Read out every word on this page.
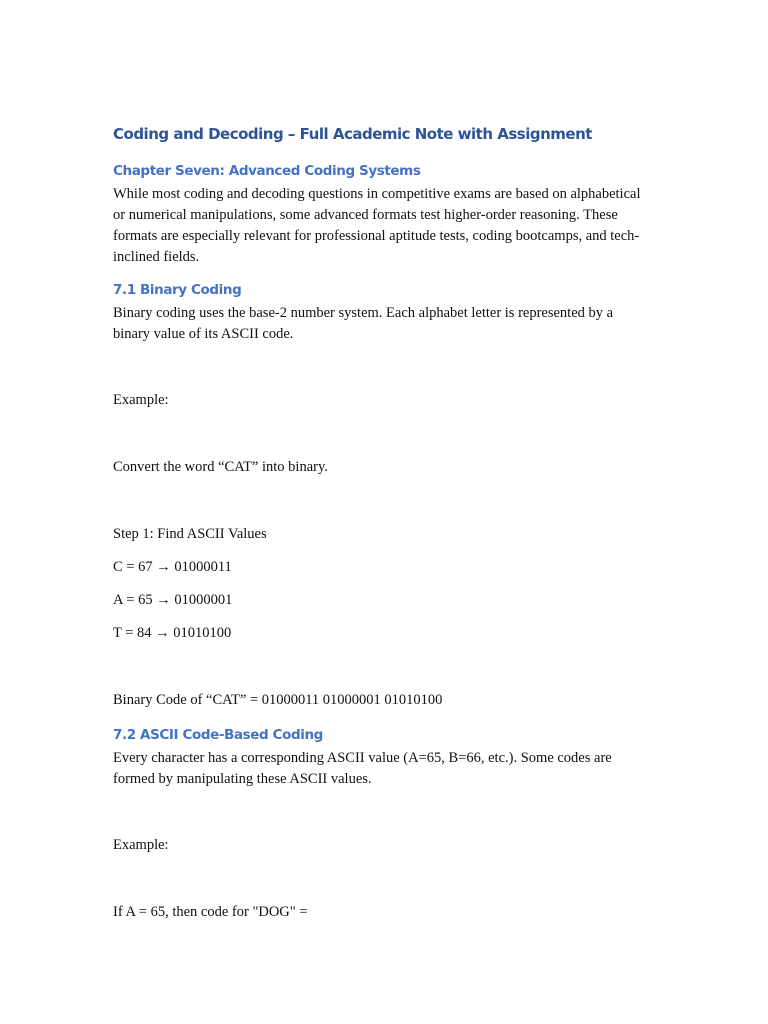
Coding and Decoding – Full Academic Note with Assignment
Chapter Seven: Advanced Coding Systems

While most coding and decoding questions in competitive exams are based on alphabetical or numerical manipulations, some advanced formats test higher-order reasoning. These formats are especially relevant for professional aptitude tests, coding bootcamps, and tech-inclined fields.

7.1 Binary Coding

Binary coding uses the base-2 number system. Each alphabet letter is represented by a binary value of its ASCII code.

Example:

Convert the word “CAT” into binary.

Step 1: Find ASCII Values

C = 67 → 01000011

A = 65 → 01000001

T = 84 → 01010100

Binary Code of “CAT” = 01000011 01000001 01010100

7.2 ASCII Code-Based Coding

Every character has a corresponding ASCII value (A=65, B=66, etc.). Some codes are formed by manipulating these ASCII values.

Example:

If A = 65, then code for "DOG" =
